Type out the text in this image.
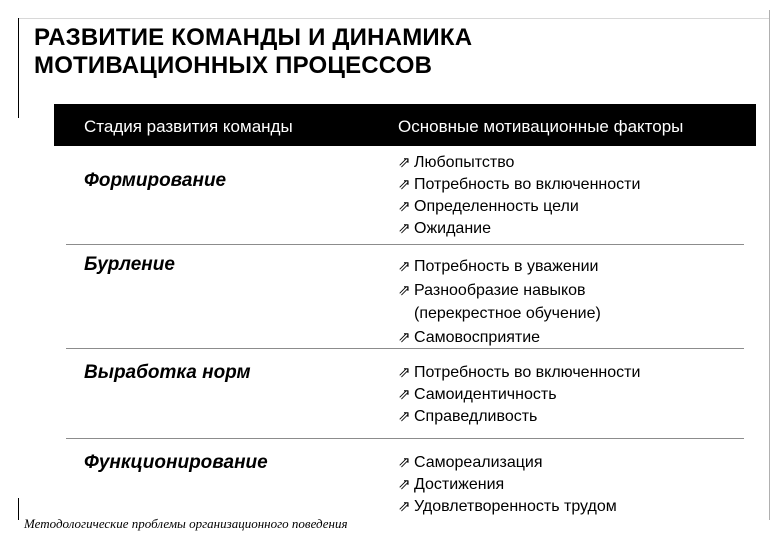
РАЗВИТИЕ КОМАНДЫ И ДИНАМИКА
МОТИВАЦИОННЫХ ПРОЦЕССОВ
Стадия развития команды	Основные мотивационные факторы
Формирование
⇗ Любопытство
⇗ Потребность во включенности
⇗ Определенность цели
⇗ Ожидание
Бурление	⇗ Потребность в уважении
⇗ Разнообразие навыков
(перекрестное обучение)
⇗ Самовосприятие
Выработка норм	⇗ Потребность во включенности
⇗ Самоидентичность
⇗ Справедливость
Функционирование	⇗ Самореализация
⇗ Достижения
⇗ Удовлетворенность трудом
Методологические проблемы организационного поведения
